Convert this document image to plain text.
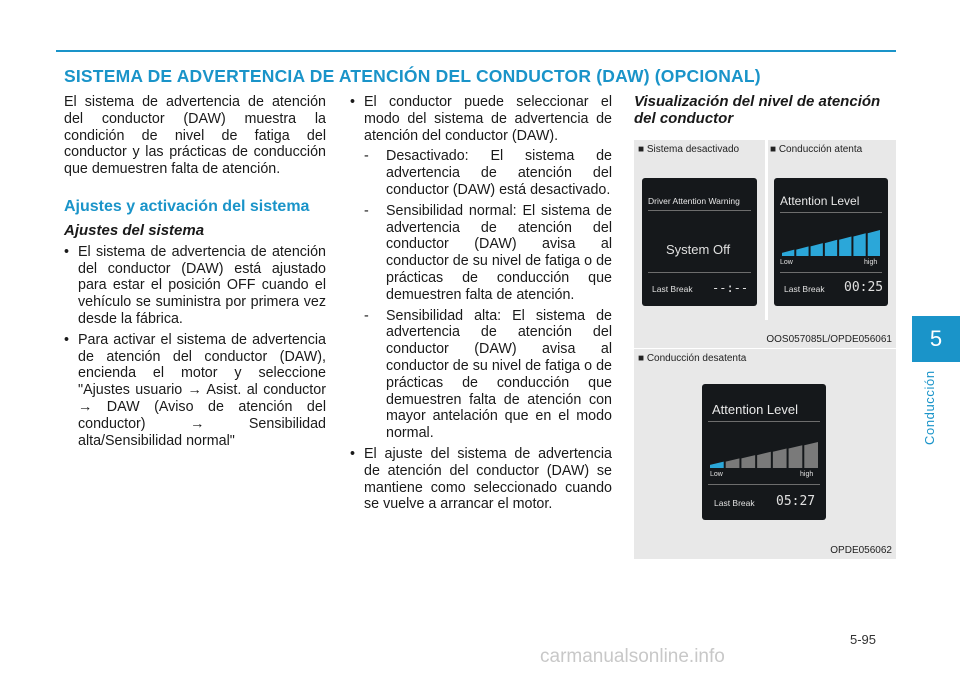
SISTEMA DE ADVERTENCIA DE ATENCIÓN DEL CONDUCTOR (DAW) (OPCIONAL)

El sistema de advertencia de atención del conductor (DAW) muestra la condición de nivel de fatiga del conductor y las prácticas de conducción que demuestren falta de atención.

Ajustes y activación del sistema
Ajustes del sistema

• El sistema de advertencia de atención del conductor (DAW) está ajustado para estar el posición OFF cuando el vehículo se suministra por primera vez desde la fábrica.

• Para activar el sistema de advertencia de atención del conductor (DAW), encienda el motor y seleccione "Ajustes usuario → Asist. al conductor → DAW (Aviso de atención del conductor) → Sensibilidad alta/Sensibilidad normal"

• El conductor puede seleccionar el modo del sistema de advertencia de atención del conductor (DAW).

- Desactivado: El sistema de advertencia de atención del conductor (DAW) está desactivado.

- Sensibilidad normal: El sistema de advertencia de atención del conductor (DAW) avisa al conductor de su nivel de fatiga o de prácticas de conducción que demuestren falta de atención.

- Sensibilidad alta: El sistema de advertencia de atención del conductor (DAW) avisa al conductor de su nivel de fatiga o de prácticas de conducción que demuestren falta de atención con mayor antelación que en el modo normal.

• El ajuste del sistema de advertencia de atención del conductor (DAW) se mantiene como seleccionado cuando se vuelve a arrancar el motor.

Visualización del nivel de atención del conductor
■ Sistema desactivado	■ Conducción atenta
Driver Attention Warning
System Off
Last Break --:--
Attention Level
Low	high
Last Break 00:25
OOS057085L/OPDE056061
■ Conducción desatenta
Attention Level
Low	high
Last Break 05:27
OPDE056062
5
Conducción
5-95
carmanualsonline.info
